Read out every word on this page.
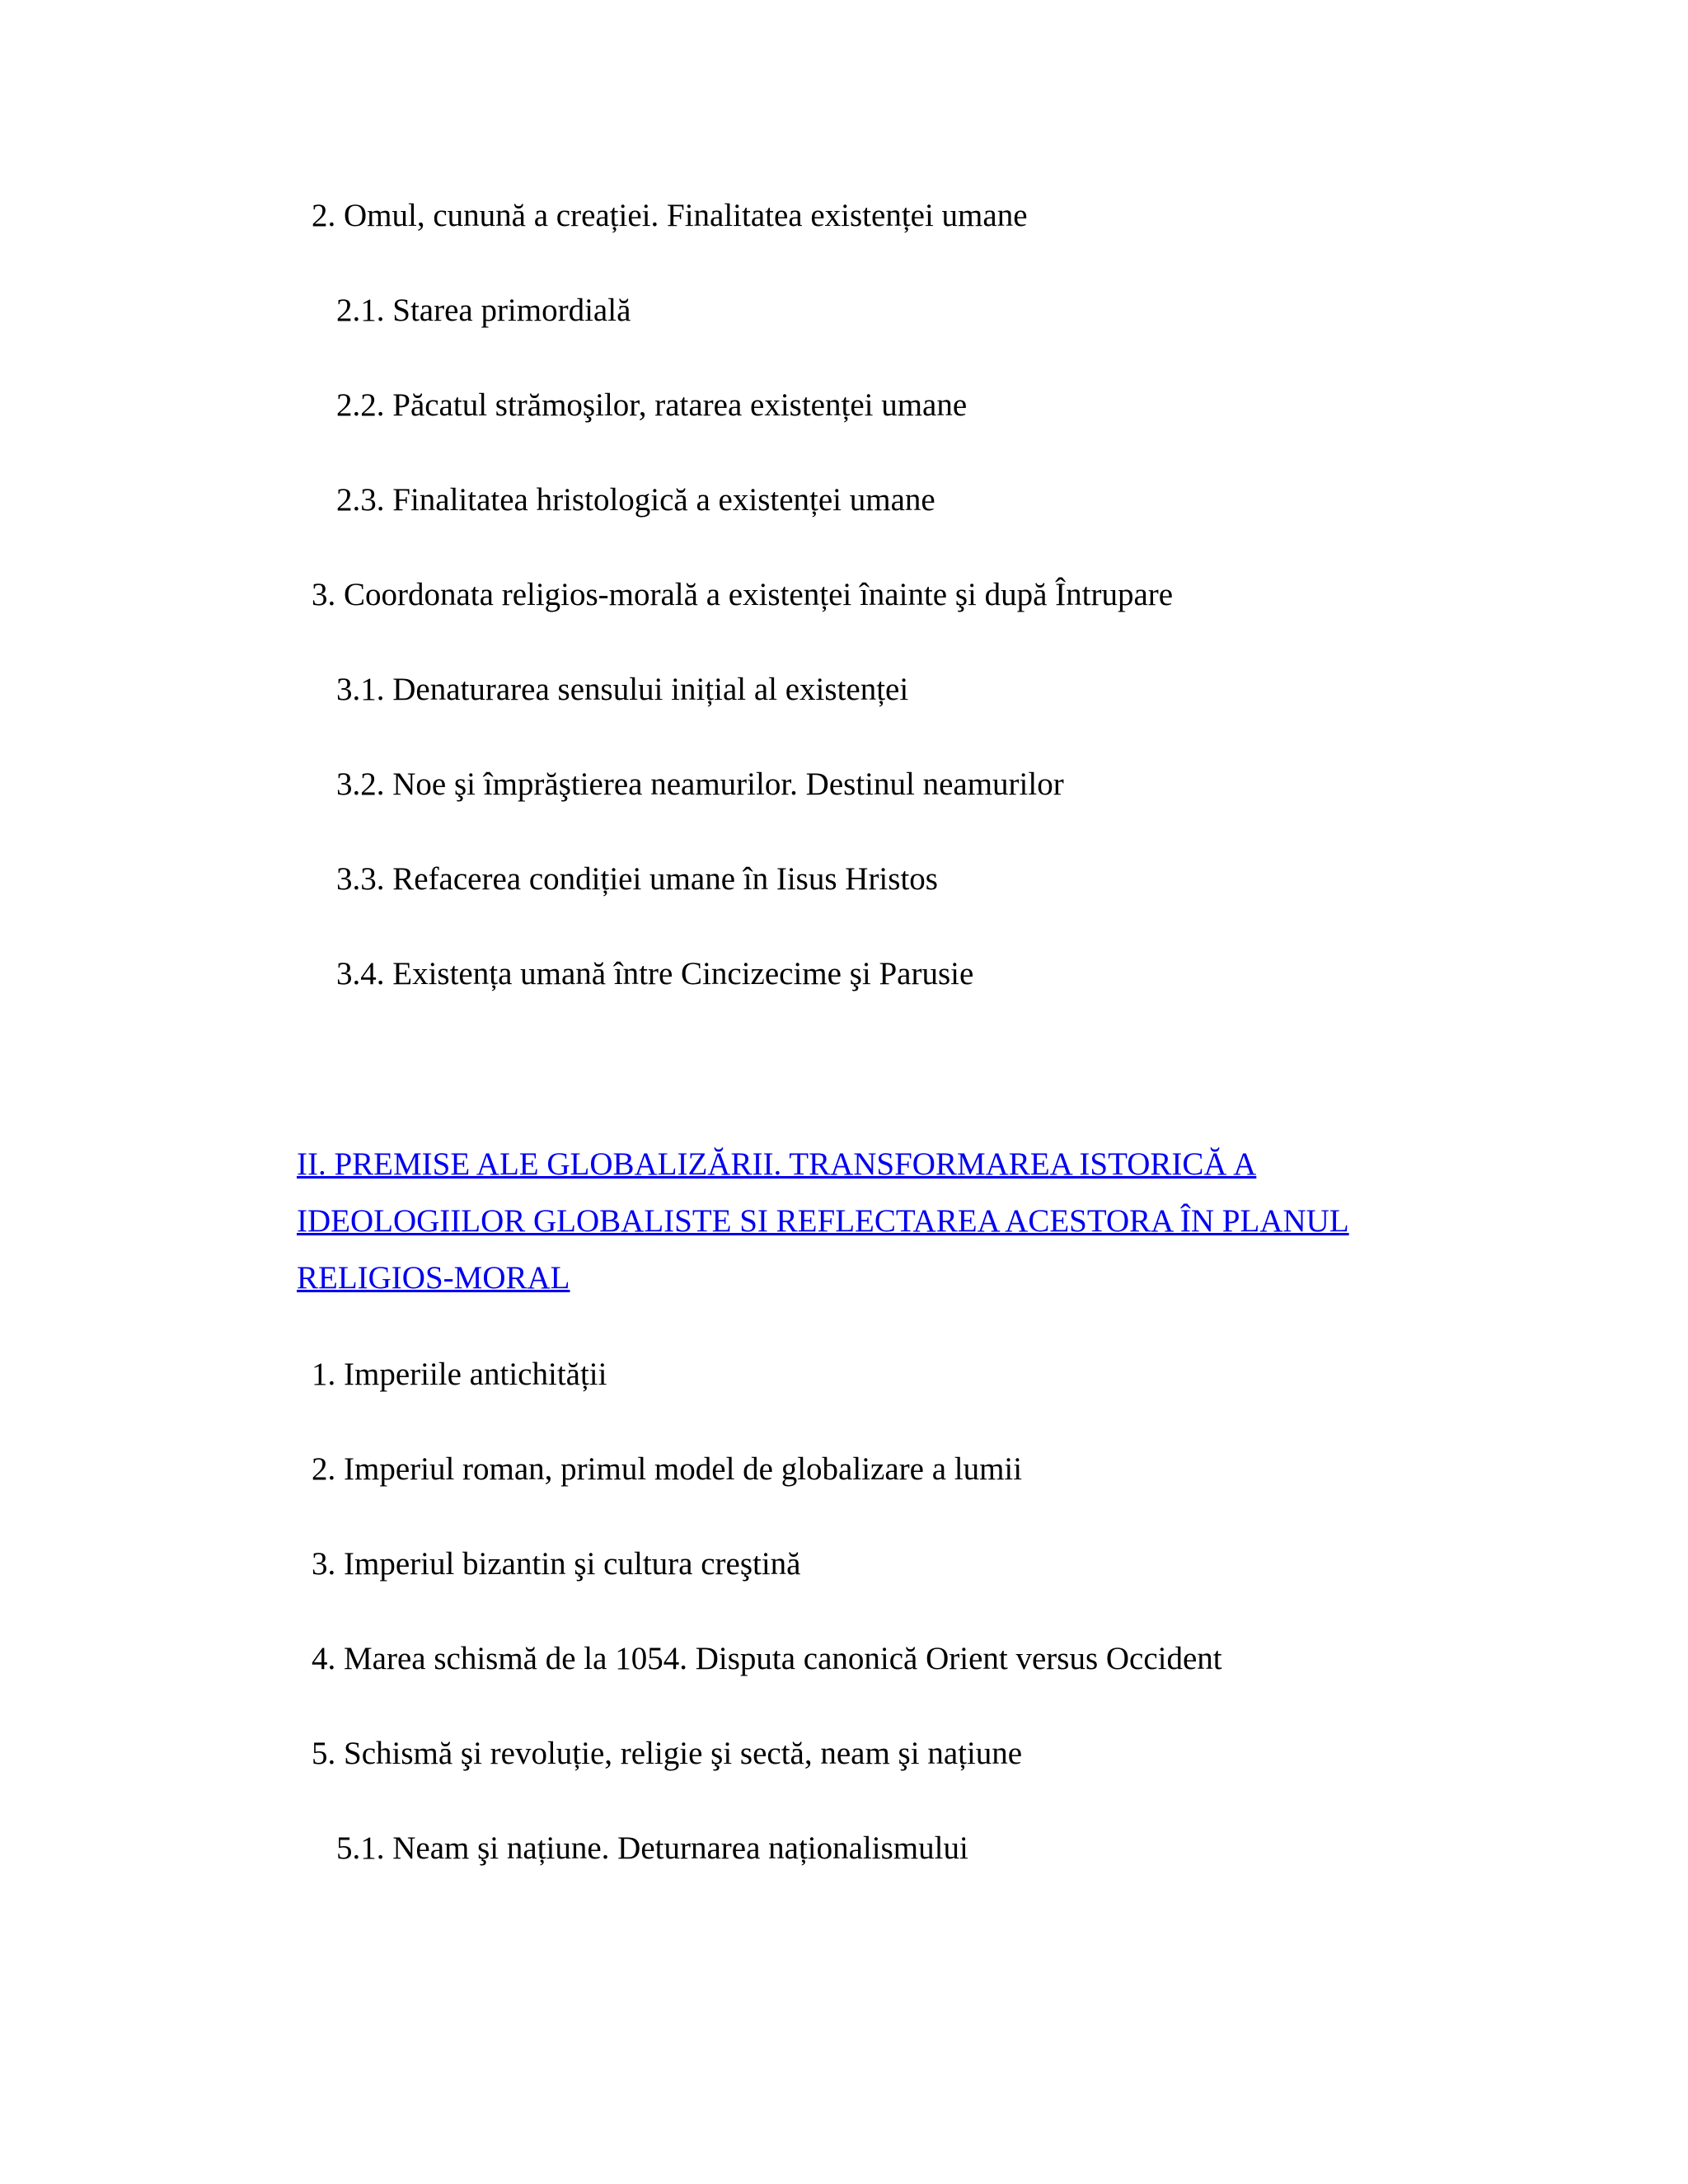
2. Omul, cunună a creației. Finalitatea existenței umane
2.1. Starea primordială
2.2. Păcatul strămoşilor, ratarea existenței umane
2.3. Finalitatea hristologică a existenței umane
3. Coordonata religios-morală a existenței înainte şi după Întrupare
3.1. Denaturarea sensului inițial al existenței
3.2. Noe şi împrăştierea neamurilor. Destinul neamurilor
3.3. Refacerea condiției umane în Iisus Hristos
3.4. Existența umană între Cincizecime şi Parusie
II. PREMISE ALE GLOBALIZĂRII. TRANSFORMAREA ISTORICĂ A
IDEOLOGIILOR GLOBALISTE SI REFLECTAREA ACESTORA ÎN PLANUL
RELIGIOS-MORAL
1. Imperiile antichității
2. Imperiul roman, primul model de globalizare a lumii
3. Imperiul bizantin şi cultura creştină
4. Marea schismă de la 1054. Disputa canonică Orient versus Occident
5. Schismă şi revoluție, religie şi sectă, neam şi națiune
5.1. Neam şi națiune. Deturnarea naționalismului
